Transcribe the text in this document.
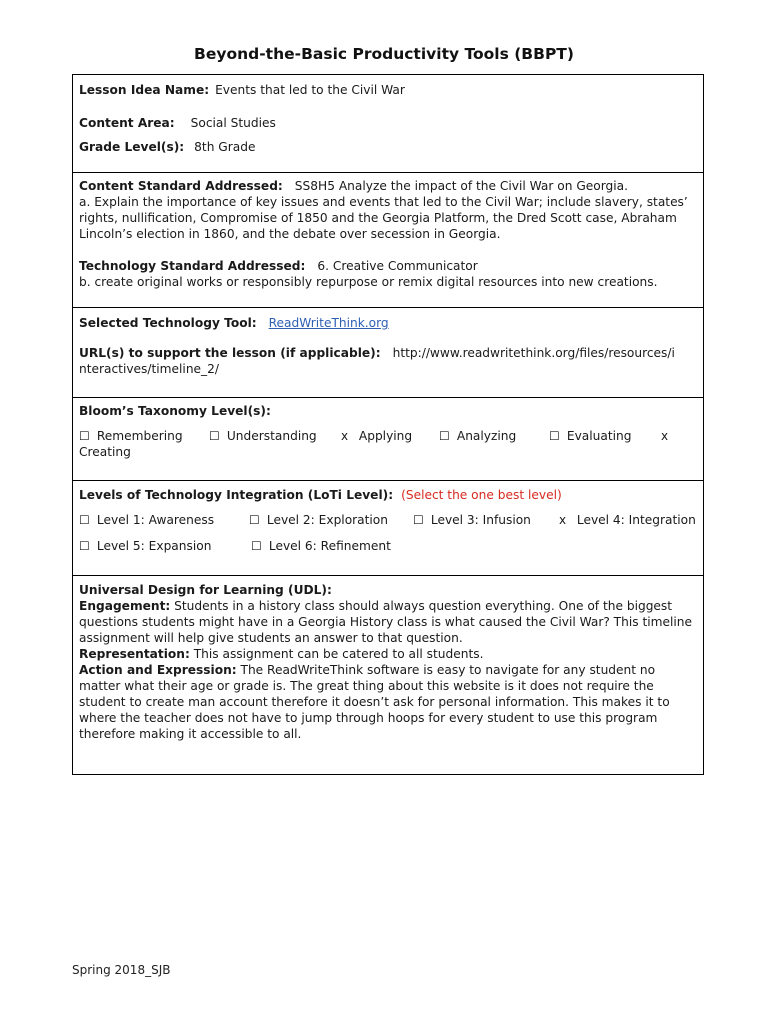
Beyond-the-Basic Productivity Tools (BBPT)

Lesson Idea Name: Events that led to the Civil War

Content Area: Social Studies

Grade Level(s): 8th Grade

Content Standard Addressed: SS8H5 Analyze the impact of the Civil War on Georgia.

a. Explain the importance of key issues and events that led to the Civil War; include slavery, states’ rights, nullification, Compromise of 1850 and the Georgia Platform, the Dred Scott case, Abraham Lincoln’s election in 1860, and the debate over secession in Georgia.

Technology Standard Addressed: 6. Creative Communicator

b. create original works or responsibly repurpose or remix digital resources into new creations.

Selected Technology Tool: ReadWriteThink.org

URL(s) to support the lesson (if applicable): http://www.readwritethink.org/files/resources/interactives/timeline_2/

Bloom’s Taxonomy Level(s):

☐ Remembering ☐ Understanding x Applying ☐ Analyzing	☐ Evaluating x
Creating

Levels of Technology Integration (LoTi Level): (Select the one best level)

☐ Level 1: Awareness	☐ Level 2: Exploration ☐ Level 3: Infusion x Level 4: Integration

☐ Level 5: Expansion	☐ Level 6: Refinement

Universal Design for Learning (UDL):

Engagement: Students in a history class should always question everything. One of the biggest questions students might have in a Georgia History class is what caused the Civil War? This timeline assignment will help give students an answer to that question.

Representation: This assignment can be catered to all students.

Action and Expression: The ReadWriteThink software is easy to navigate for any student no matter what their age or grade is. The great thing about this website is it does not require the student to create man account therefore it doesn’t ask for personal information. This makes it to where the teacher does not have to jump through hoops for every student to use this program therefore making it accessible to all.

Spring 2018_SJB
